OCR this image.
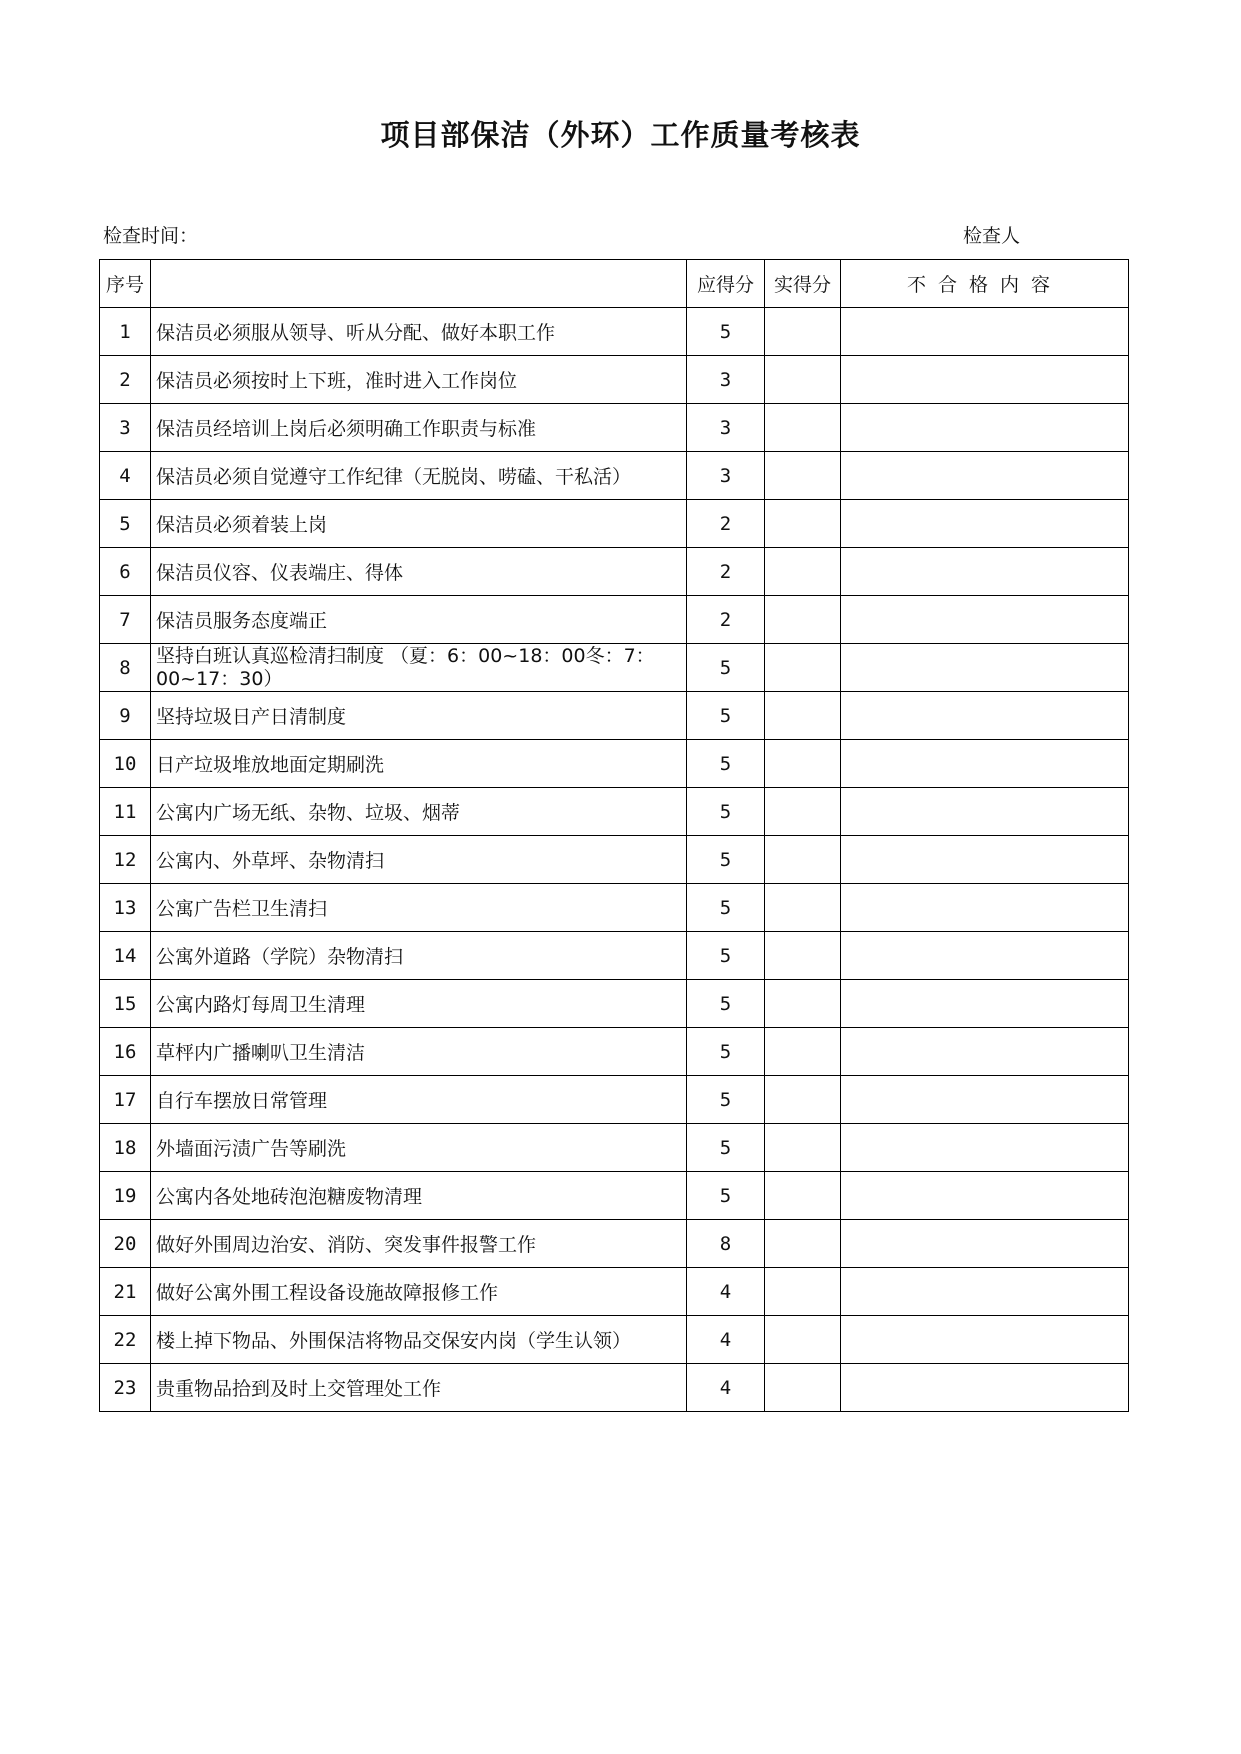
项目部保洁（外环）工作质量考核表
检查时间：	检查人
序号		应得分	实得分	不合格内容
1	保洁员必须服从领导、听从分配、做好本职工作	5		
2	保洁员必须按时上下班，准时进入工作岗位	3		
3	保洁员经培训上岗后必须明确工作职责与标准	3		
4	保洁员必须自觉遵守工作纪律（无脱岗、唠磕、干私活）	3		
5	保洁员必须着装上岗	2		
6	保洁员仪容、仪表端庄、得体	2		
7	保洁员服务态度端正	2		
8	坚持白班认真巡检清扫制度 （夏：6：00~18：00冬：7：00~17：30）	5		
9	坚持垃圾日产日清制度	5		
10	日产垃圾堆放地面定期刷洗	5		
11	公寓内广场无纸、杂物、垃圾、烟蒂	5		
12	公寓内、外草坪、杂物清扫	5		
13	公寓广告栏卫生清扫	5		
14	公寓外道路（学院）杂物清扫	5		
15	公寓内路灯每周卫生清理	5		
16	草枰内广播喇叭卫生清洁	5		
17	自行车摆放日常管理	5		
18	外墙面污渍广告等刷洗	5		
19	公寓内各处地砖泡泡糖废物清理	5		
20	做好外围周边治安、消防、突发事件报警工作	8		
21	做好公寓外围工程设备设施故障报修工作	4		
22	楼上掉下物品、外围保洁将物品交保安内岗（学生认领）	4		
23	贵重物品拾到及时上交管理处工作	4		
